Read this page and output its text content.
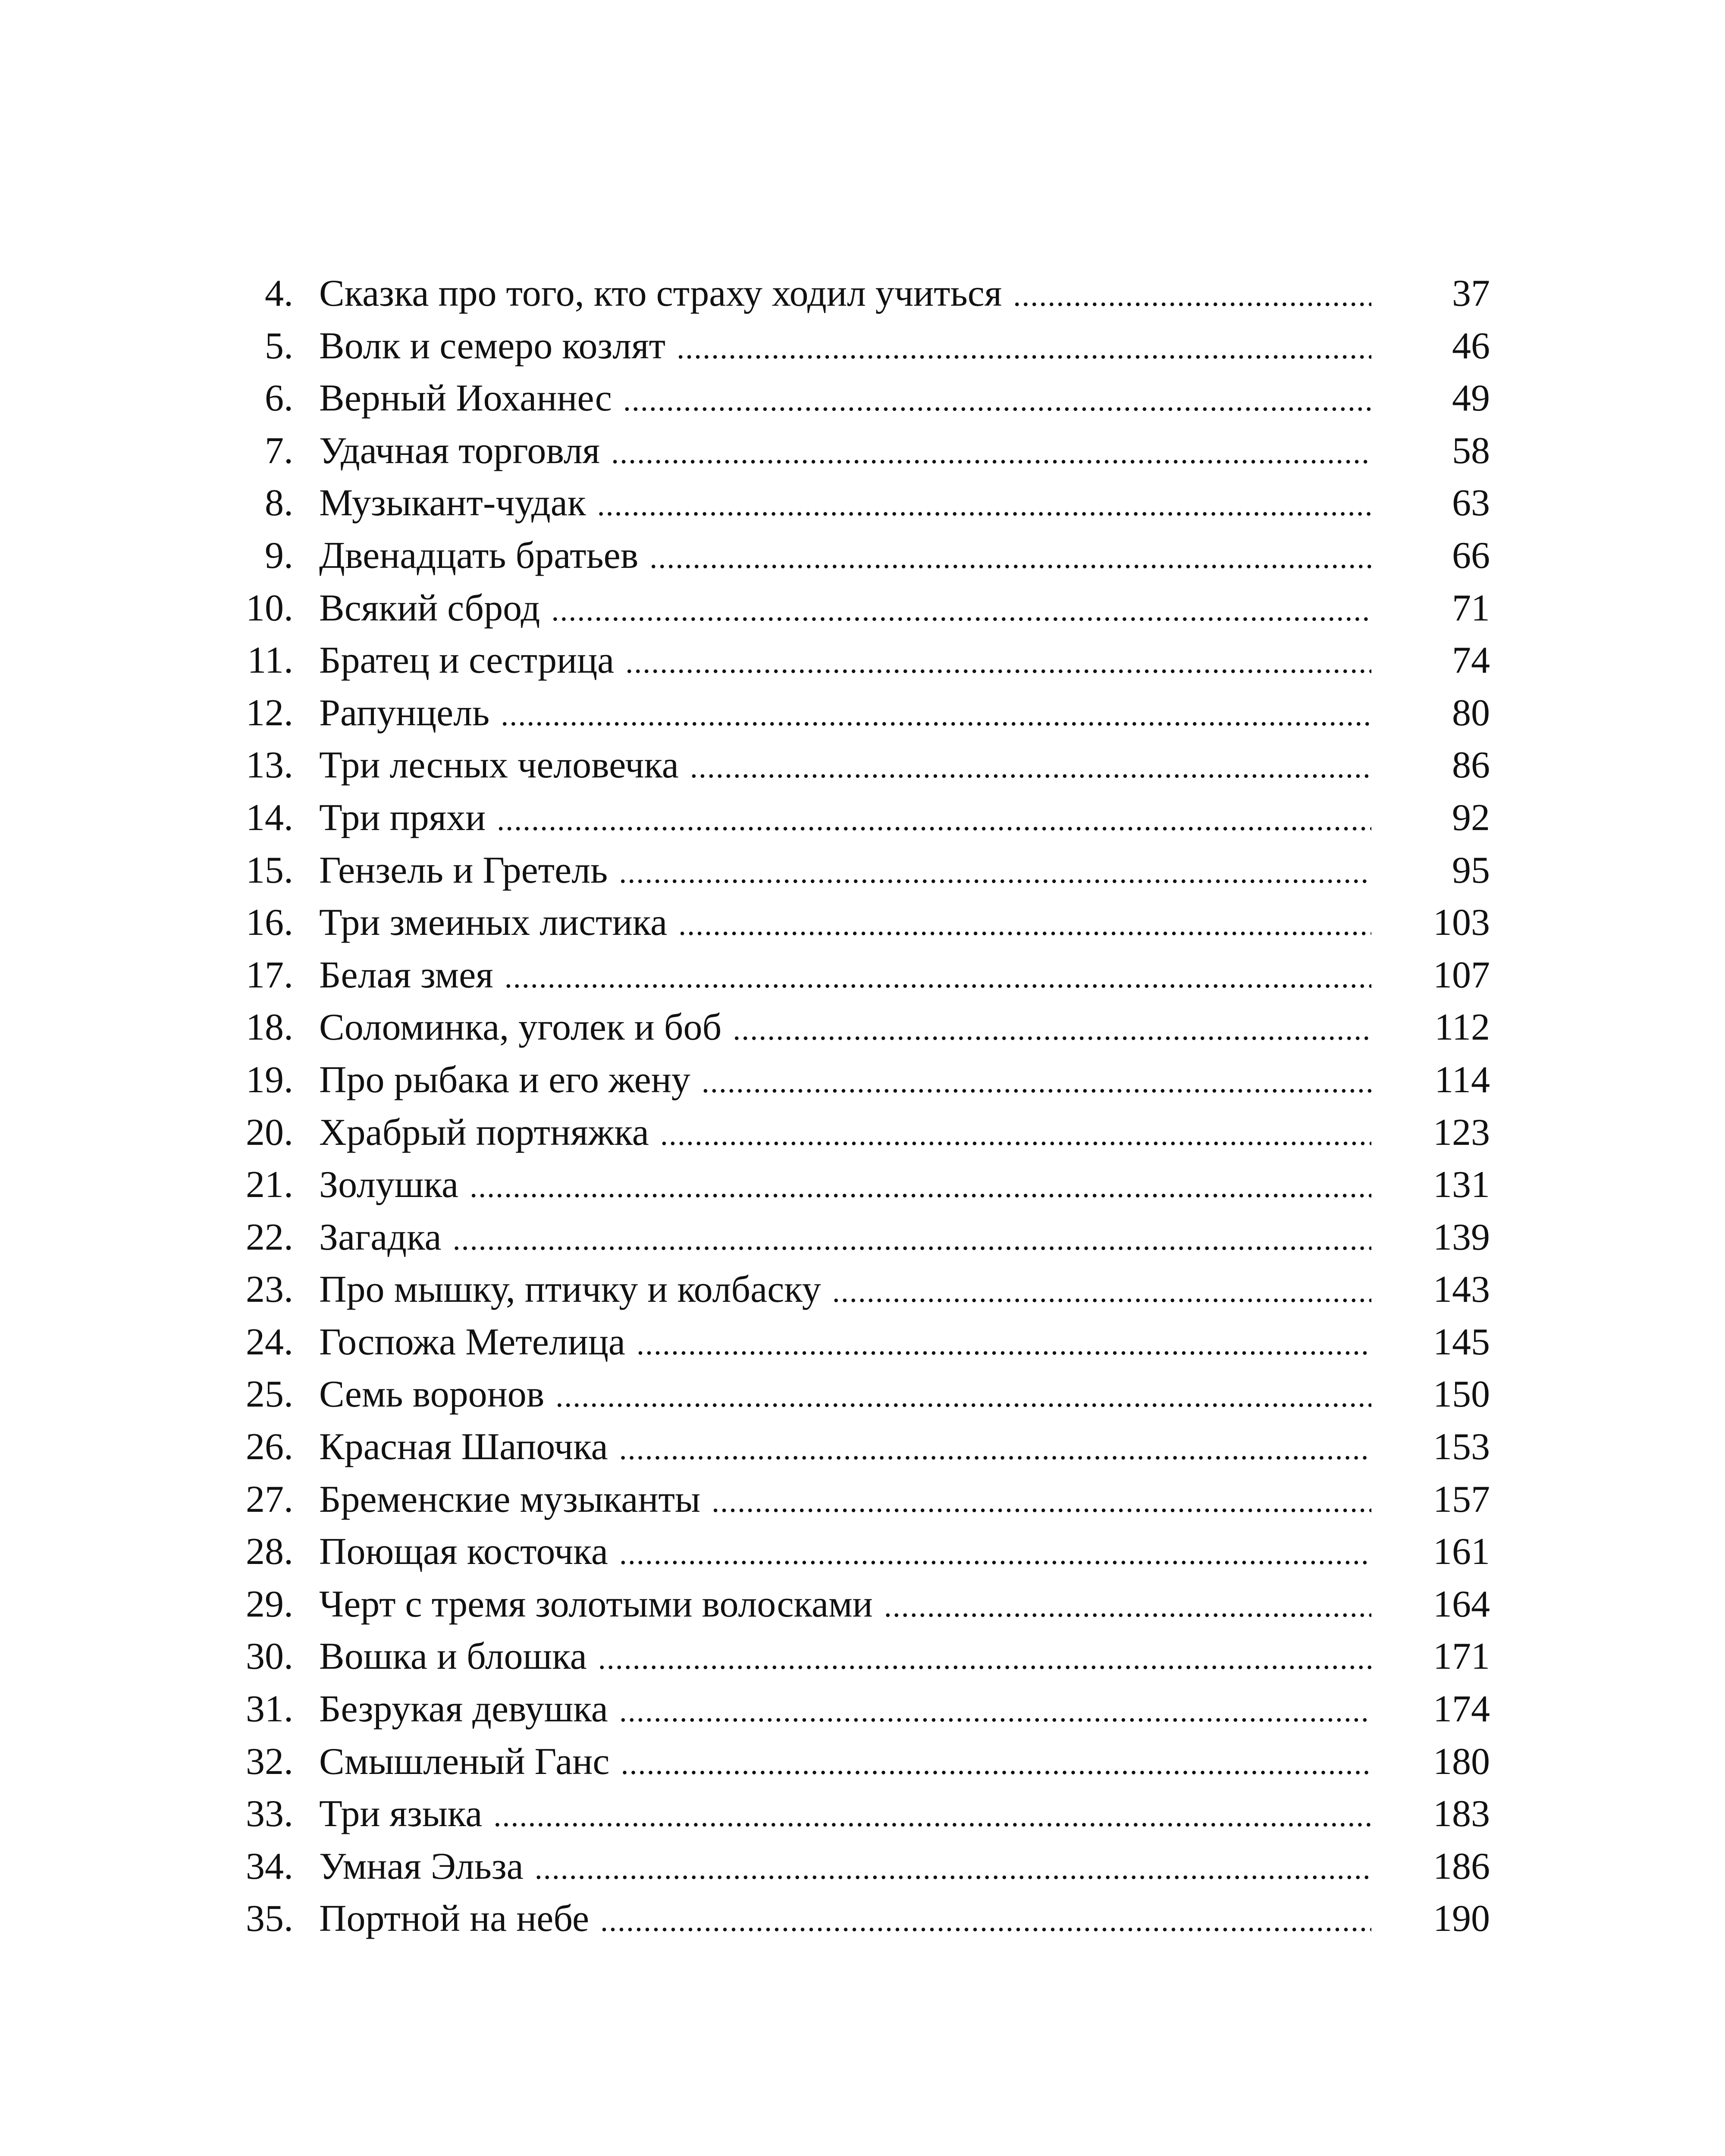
4. Сказка про того, кто страху ходил учиться .....	37
5. Волк и семеро козлят .....	46
6. Верный Иоханнес .....	49
7. Удачная торговля .....	58
8. Музыкант-чудак .....	63
9. Двенадцать братьев .....	66
10. Всякий сброд .....	71
11. Братец и сестрица .....	74
12. Рапунцель .....	80
13. Три лесных человечка .....	86
14. Три пряхи .....	92
15. Гензель и Гретель .....	95
16. Три змеиных листика .....	103
17. Белая змея .....	107
18. Соломинка, уголек и боб .....	112
19. Про рыбака и его жену .....	114
20. Храбрый портняжка .....	123
21. Золушка .....	131
22. Загадка .....	139
23. Про мышку, птичку и колбаску .....	143
24. Госпожа Метелица .....	145
25. Семь воронов .....	150
26. Красная Шапочка .....	153
27. Бременские музыканты .....	157
28. Поющая косточка .....	161
29. Черт с тремя золотыми волосками .....	164
30. Вошка и блошка .....	171
31. Безрукая девушка .....	174
32. Смышленый Ганс .....	180
33. Три языка .....	183
34. Умная Эльза .....	186
35. Портной на небе .....	190
